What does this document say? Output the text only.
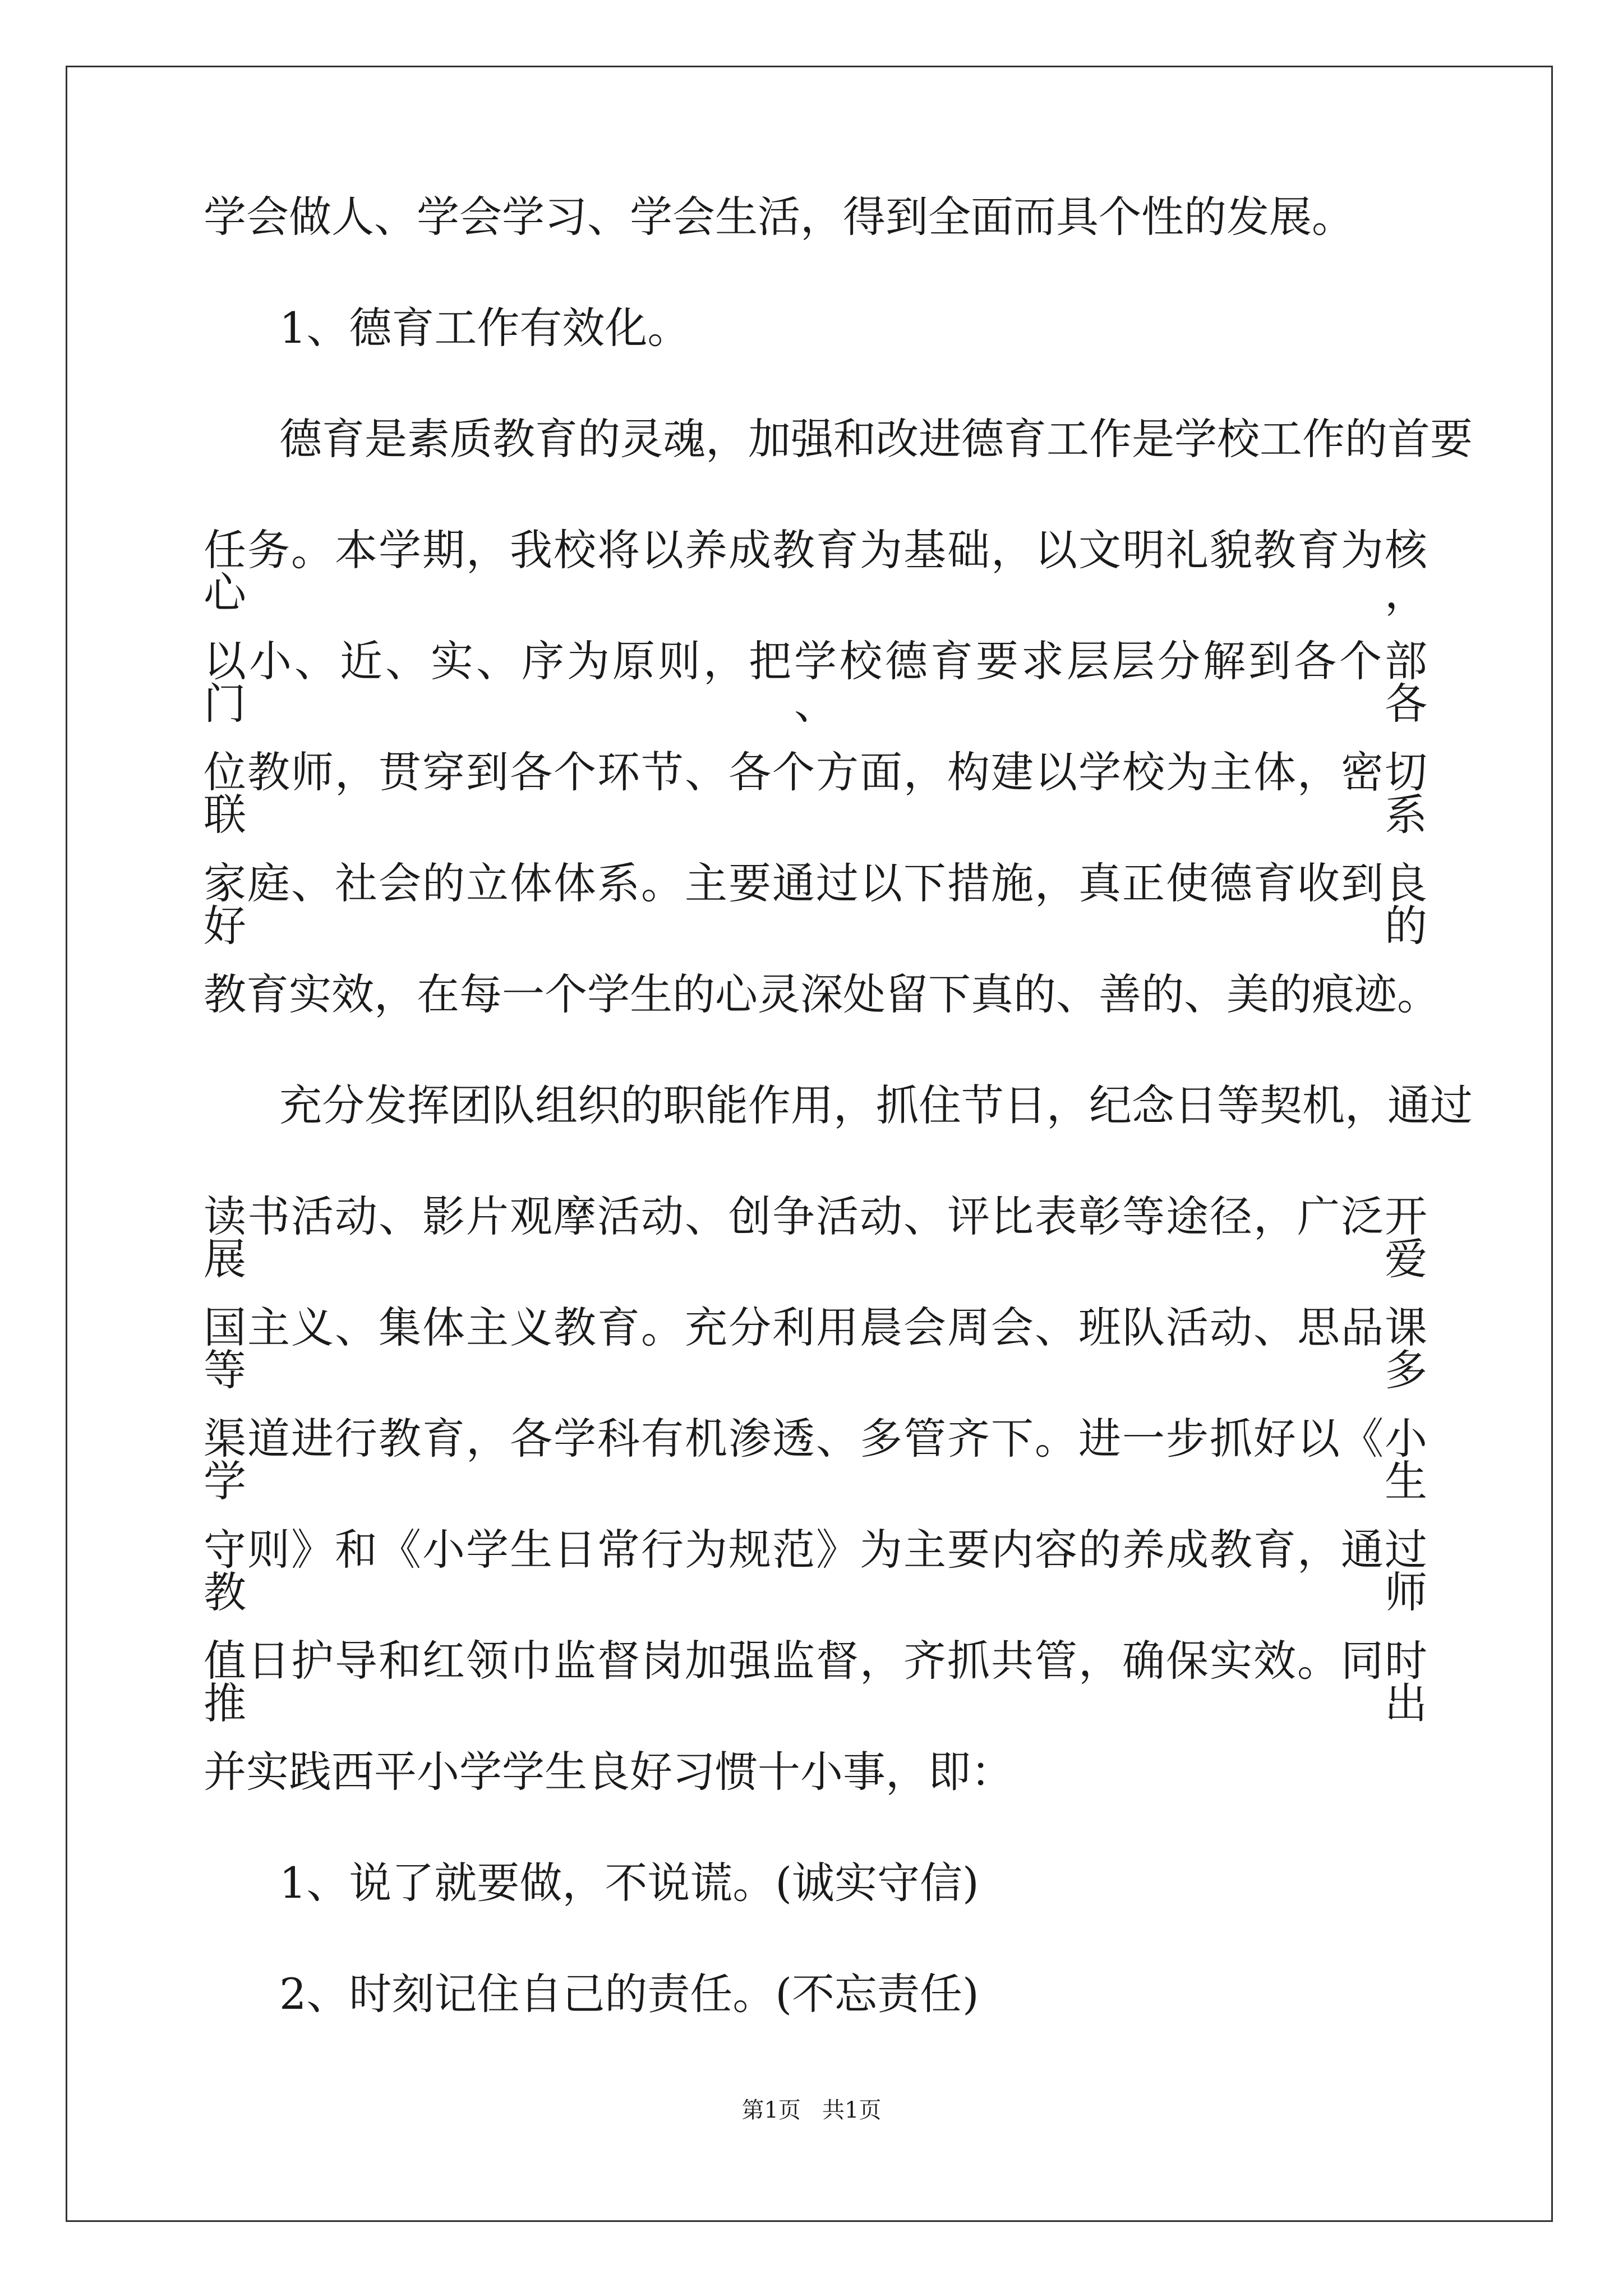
学会做人、学会学习、学会生活，得到全面而具个性的发展。
1、德育工作有效化。
德育是素质教育的灵魂，加强和改进德育工作是学校工作的首要
任务。本学期，我校将以养成教育为基础，以文明礼貌教育为核心，
以小、近、实、序为原则，把学校德育要求层层分解到各个部门、各
位教师，贯穿到各个环节、各个方面，构建以学校为主体，密切联系
家庭、社会的立体体系。主要通过以下措施，真正使德育收到良好的
教育实效，在每一个学生的心灵深处留下真的、善的、美的痕迹。
充分发挥团队组织的职能作用，抓住节日，纪念日等契机，通过
读书活动、影片观摩活动、创争活动、评比表彰等途径，广泛开展爱
国主义、集体主义教育。充分利用晨会周会、班队活动、思品课等多
渠道进行教育，各学科有机渗透、多管齐下。进一步抓好以《小学生
守则》和《小学生日常行为规范》为主要内容的养成教育，通过教师
值日护导和红领巾监督岗加强监督，齐抓共管，确保实效。同时推出
并实践西平小学学生良好习惯十小事，即：
1、说了就要做，不说谎。(诚实守信)
2、时刻记住自己的责任。(不忘责任)
第1页   共1页
